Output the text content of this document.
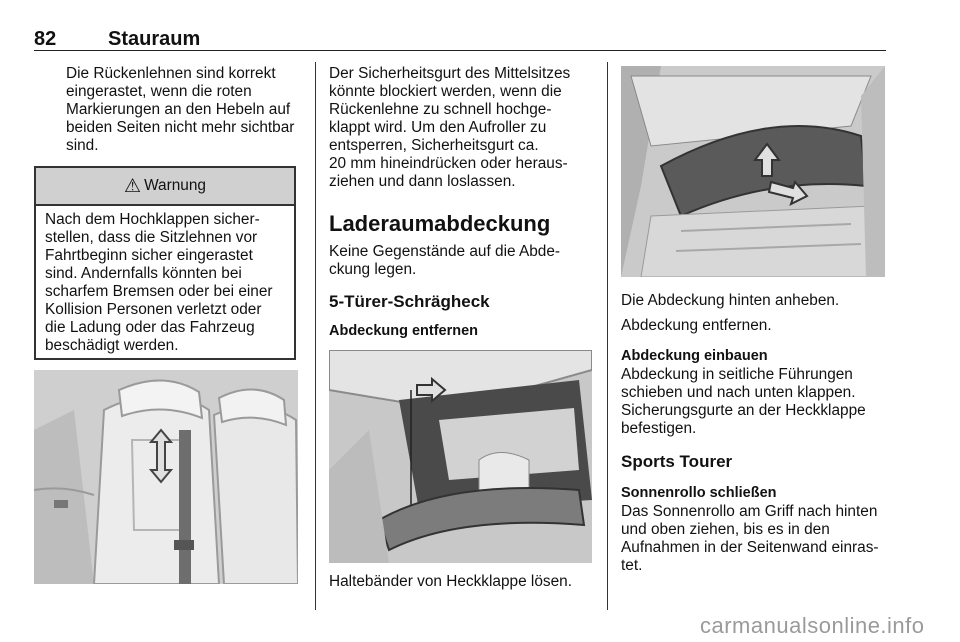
82	Stauraum
Die Rückenlehnen sind korrekt
eingerastet, wenn die roten
Markierungen an den Hebeln auf
beiden Seiten nicht mehr sichtbar
sind.
⚠ Warnung
Nach dem Hochklappen sicher-
stellen, dass die Sitzlehnen vor
Fahrtbeginn sicher eingerastet
sind. Andernfalls könnten bei
scharfem Bremsen oder bei einer
Kollision Personen verletzt oder
die Ladung oder das Fahrzeug
beschädigt werden.
Der Sicherheitsgurt des Mittelsitzes
könnte blockiert werden, wenn die
Rückenlehne zu schnell hochge-
klappt wird. Um den Aufroller zu
entsperren, Sicherheitsgurt ca.
20 mm hineindrücken oder heraus-
ziehen und dann loslassen.
Laderaumabdeckung
Keine Gegenstände auf die Abde-
ckung legen.
5-Türer-Schrägheck
Abdeckung entfernen
Haltebänder von Heckklappe lösen.
Die Abdeckung hinten anheben.
Abdeckung entfernen.
Abdeckung einbauen
Abdeckung in seitliche Führungen
schieben und nach unten klappen.
Sicherungsgurte an der Heckklappe
befestigen.
Sports Tourer
Sonnenrollo schließen
Das Sonnenrollo am Griff nach hinten
und oben ziehen, bis es in den
Aufnahmen in der Seitenwand einras-
tet.
carmanualsonline.info
